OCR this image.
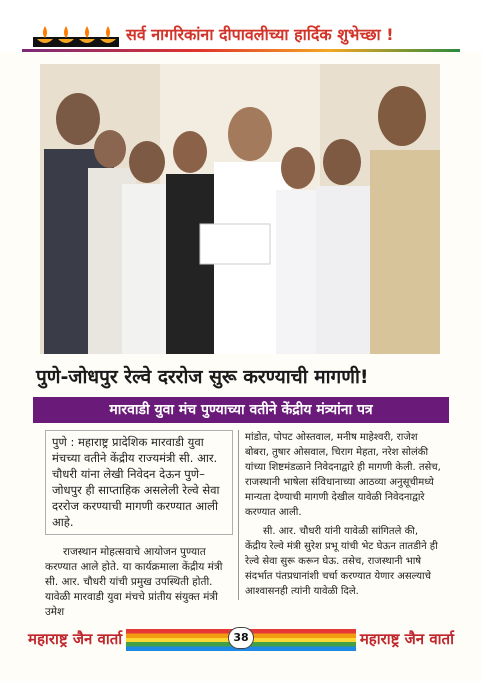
सर्व नागरिकांना दीपावलीच्या हार्दिक शुभेच्छा !
पुणे-जोधपुर रेल्वे दररोज सुरू करण्याची मागणी!
मारवाडी युवा मंच पुण्याच्या वतीने केंद्रीय मंत्र्यांना पत्र
पुणे : महाराष्ट्र प्रादेशिक मारवाडी युवा मंचच्या वतीने केंद्रीय राज्यमंत्री सी. आर. चौधरी यांना लेखी निवेदन देऊन पुणे–जोधपुर ही साप्ताहिक असलेली रेल्वे सेवा दररोज करण्याची मागणी करण्यात आली आहे.

राजस्थान मोहत्सवाचे आयोजन पुण्यात करण्यात आले होते. या कार्यक्रमाला केंद्रीय मंत्री सी. आर. चौधरी यांची प्रमुख उपस्थिती होती. यावेळी मारवाडी युवा मंचचे प्रांतीय संयुक्त मंत्री उमेश

मांडोत, पोपट ओस्तवाल, मनीष माहेश्वरी, राजेश बोबरा, तुषार ओसवाल, चिराग मेहता, नरेश सोलंकी यांच्या शिष्टमंडळाने निवेदनाद्वारे ही मागणी केली. तसेच, राजस्थानी भाषेला संविधानाच्या आठव्या अनुसूचीमध्ये मान्यता देण्याची मागणी देखील यावेळी निवेदनाद्वारे करण्यात आली.

सी. आर. चौधरी यांनी यावेळी सांगितले की, केंद्रीय रेल्वे मंत्री सुरेश प्रभू यांची भेट घेऊन तातडीने ही रेल्वे सेवा सुरू करून घेऊ. तसेच, राजस्थानी भाषे संदर्भात पंतप्रधानांशी चर्चा करण्यात येणार असल्याचे आश्वासनही त्यांनी यावेळी दिले.

महाराष्ट्र जैन वार्ता	38	महाराष्ट्र जैन वार्ता
